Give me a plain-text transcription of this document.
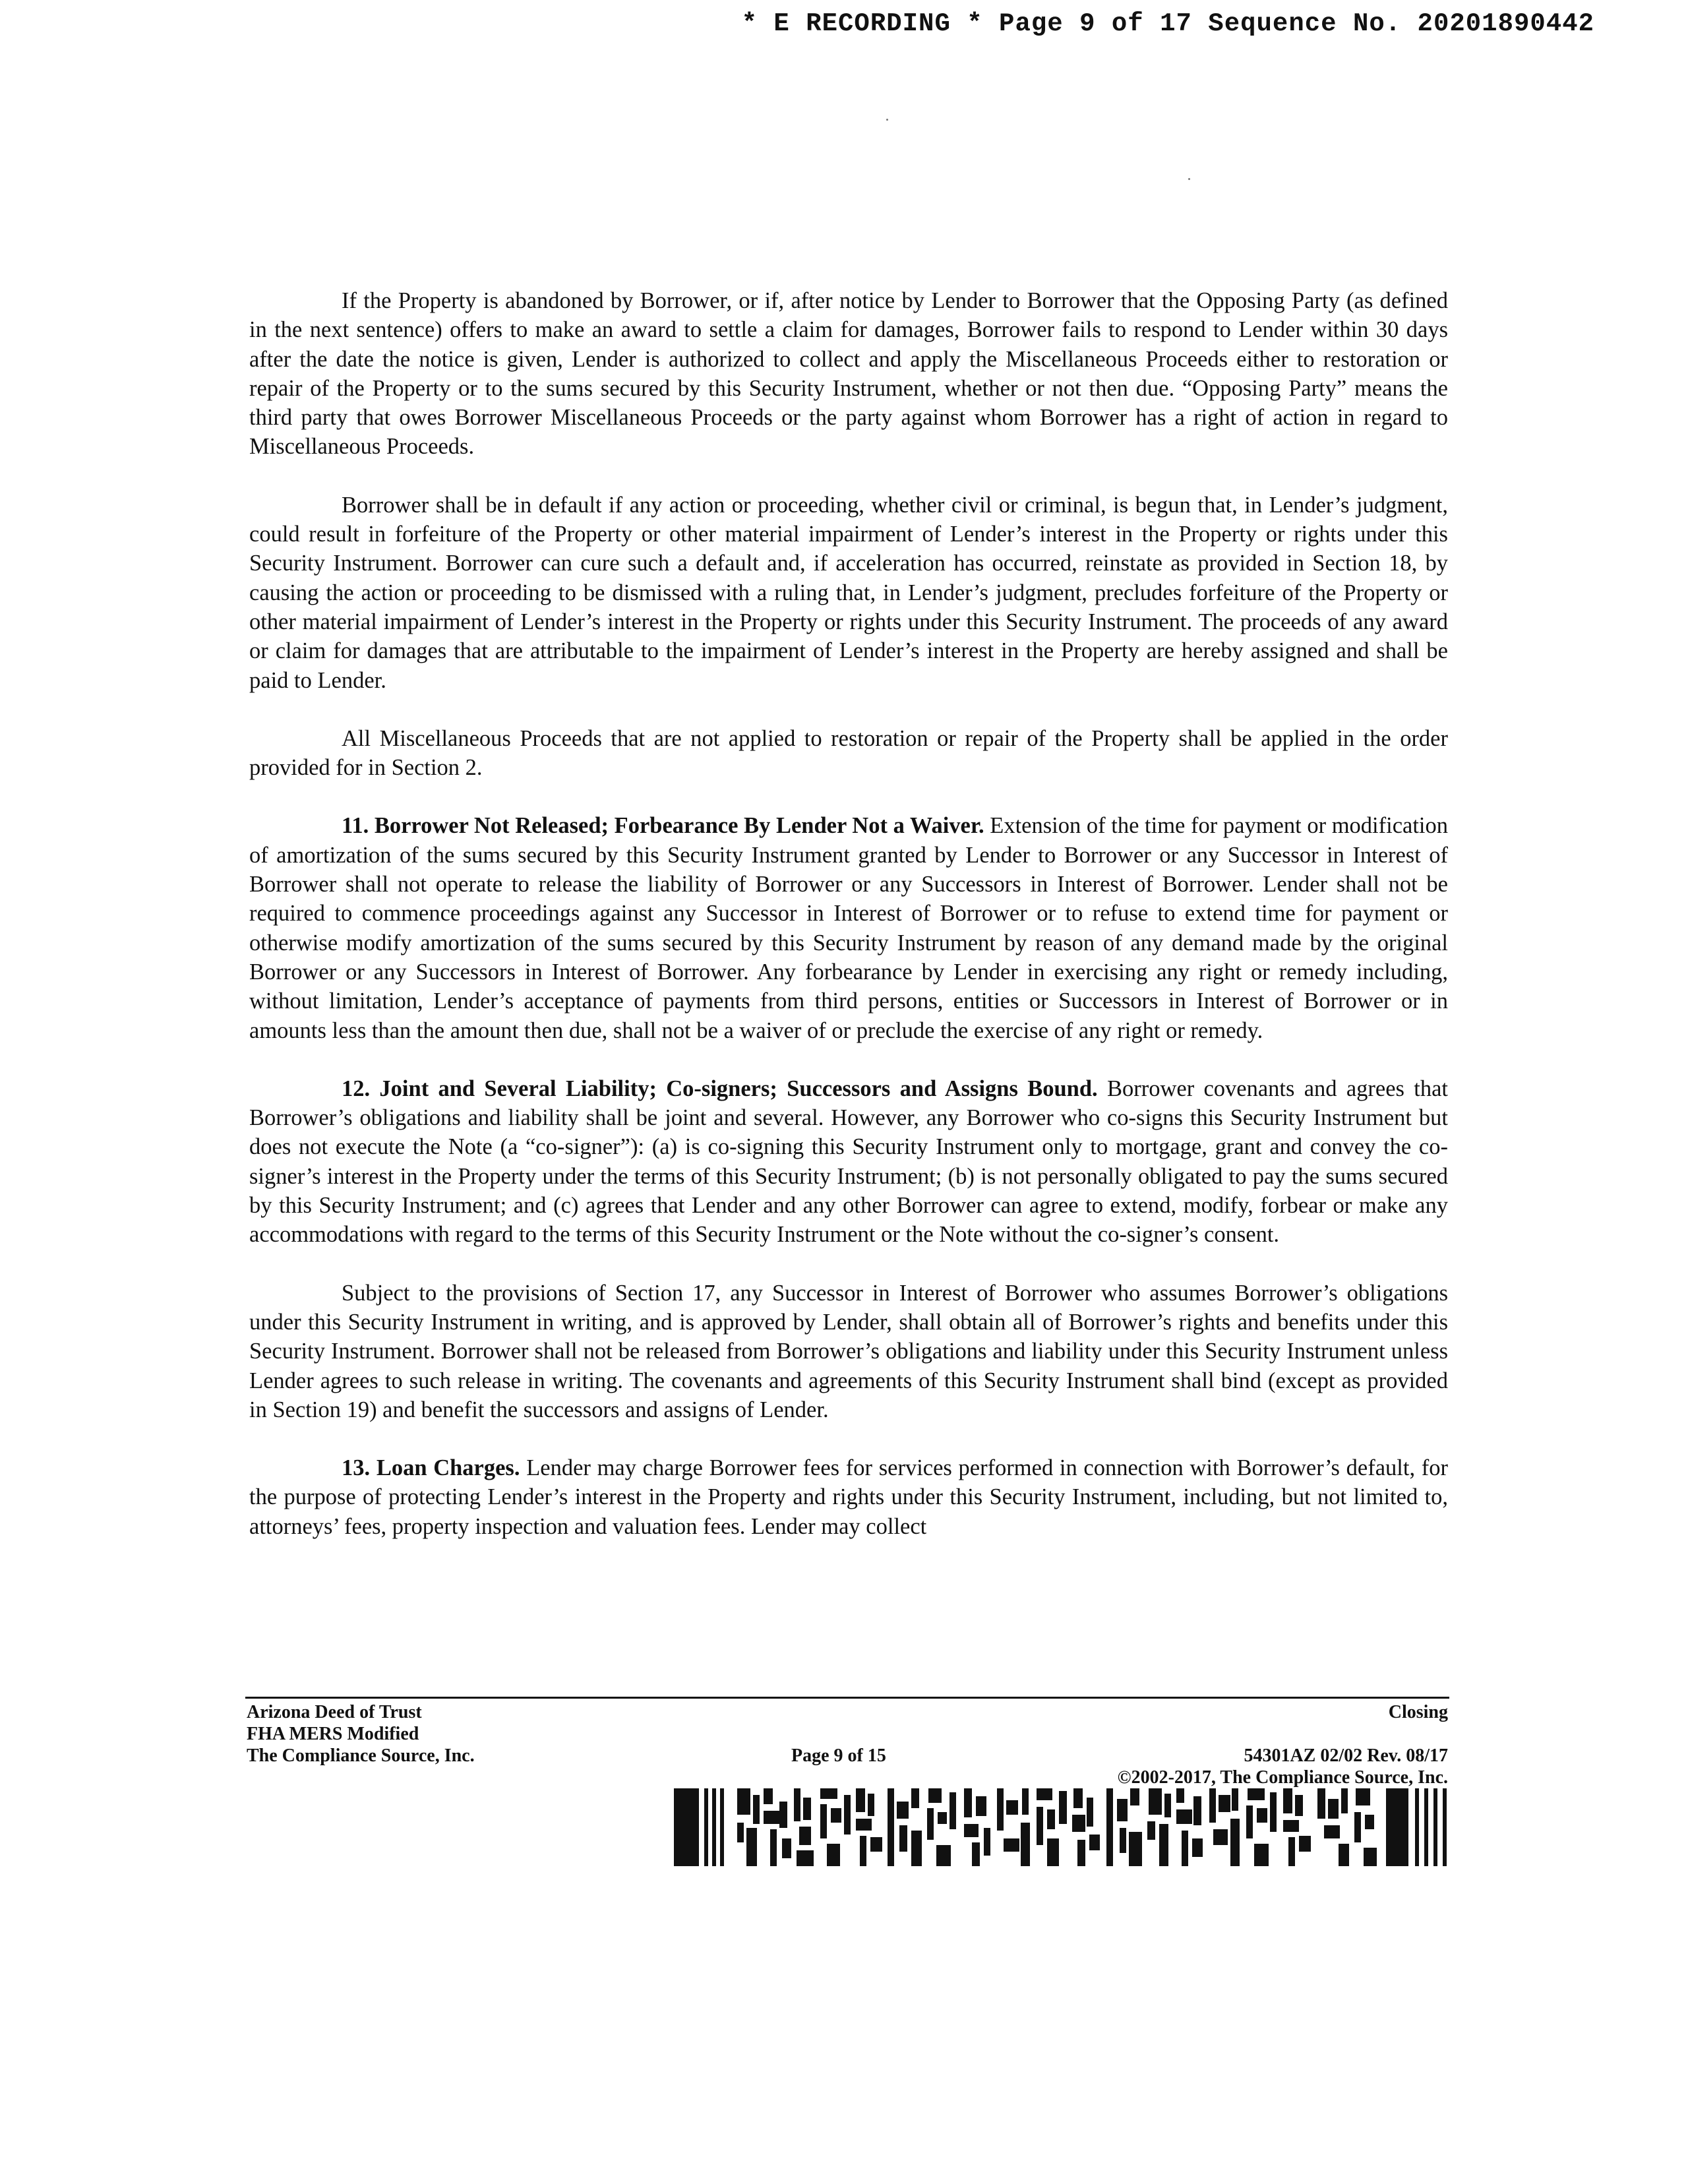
* E RECORDING * Page 9 of 17 Sequence No. 20201890442

If the Property is abandoned by Borrower, or if, after notice by Lender to Borrower that the Opposing Party (as defined in the next sentence) offers to make an award to settle a claim for damages, Borrower fails to respond to Lender within 30 days after the date the notice is given, Lender is authorized to collect and apply the Miscellaneous Proceeds either to restoration or repair of the Property or to the sums secured by this Security Instrument, whether or not then due. “Opposing Party” means the third party that owes Borrower Miscellaneous Proceeds or the party against whom Borrower has a right of action in regard to Miscellaneous Proceeds.

Borrower shall be in default if any action or proceeding, whether civil or criminal, is begun that, in Lender’s judgment, could result in forfeiture of the Property or other material impairment of Lender’s interest in the Property or rights under this Security Instrument. Borrower can cure such a default and, if acceleration has occurred, reinstate as provided in Section 18, by causing the action or proceeding to be dismissed with a ruling that, in Lender’s judgment, precludes forfeiture of the Property or other material impairment of Lender’s interest in the Property or rights under this Security Instrument. The proceeds of any award or claim for damages that are attributable to the impairment of Lender’s interest in the Property are hereby assigned and shall be paid to Lender.

All Miscellaneous Proceeds that are not applied to restoration or repair of the Property shall be applied in the order provided for in Section 2.

11. Borrower Not Released; Forbearance By Lender Not a Waiver. Extension of the time for payment or modification of amortization of the sums secured by this Security Instrument granted by Lender to Borrower or any Successor in Interest of Borrower shall not operate to release the liability of Borrower or any Successors in Interest of Borrower. Lender shall not be required to commence proceedings against any Successor in Interest of Borrower or to refuse to extend time for payment or otherwise modify amortization of the sums secured by this Security Instrument by reason of any demand made by the original Borrower or any Successors in Interest of Borrower. Any forbearance by Lender in exercising any right or remedy including, without limitation, Lender’s acceptance of payments from third persons, entities or Successors in Interest of Borrower or in amounts less than the amount then due, shall not be a waiver of or preclude the exercise of any right or remedy.

12. Joint and Several Liability; Co-signers; Successors and Assigns Bound. Borrower covenants and agrees that Borrower’s obligations and liability shall be joint and several. However, any Borrower who co-signs this Security Instrument but does not execute the Note (a “co-signer”): (a) is co-signing this Security Instrument only to mortgage, grant and convey the co-signer’s interest in the Property under the terms of this Security Instrument; (b) is not personally obligated to pay the sums secured by this Security Instrument; and (c) agrees that Lender and any other Borrower can agree to extend, modify, forbear or make any accommodations with regard to the terms of this Security Instrument or the Note without the co-signer’s consent.

Subject to the provisions of Section 17, any Successor in Interest of Borrower who assumes Borrower’s obligations under this Security Instrument in writing, and is approved by Lender, shall obtain all of Borrower’s rights and benefits under this Security Instrument. Borrower shall not be released from Borrower’s obligations and liability under this Security Instrument unless Lender agrees to such release in writing. The covenants and agreements of this Security Instrument shall bind (except as provided in Section 19) and benefit the successors and assigns of Lender.

13. Loan Charges. Lender may charge Borrower fees for services performed in connection with Borrower’s default, for the purpose of protecting Lender’s interest in the Property and rights under this Security Instrument, including, but not limited to, attorneys’ fees, property inspection and valuation fees. Lender may collect

Arizona Deed of Trust
FHA MERS Modified
The Compliance Source, Inc.
Closing
Page 9 of 15	54301AZ 02/02 Rev. 08/17
©2002-2017, The Compliance Source, Inc.
